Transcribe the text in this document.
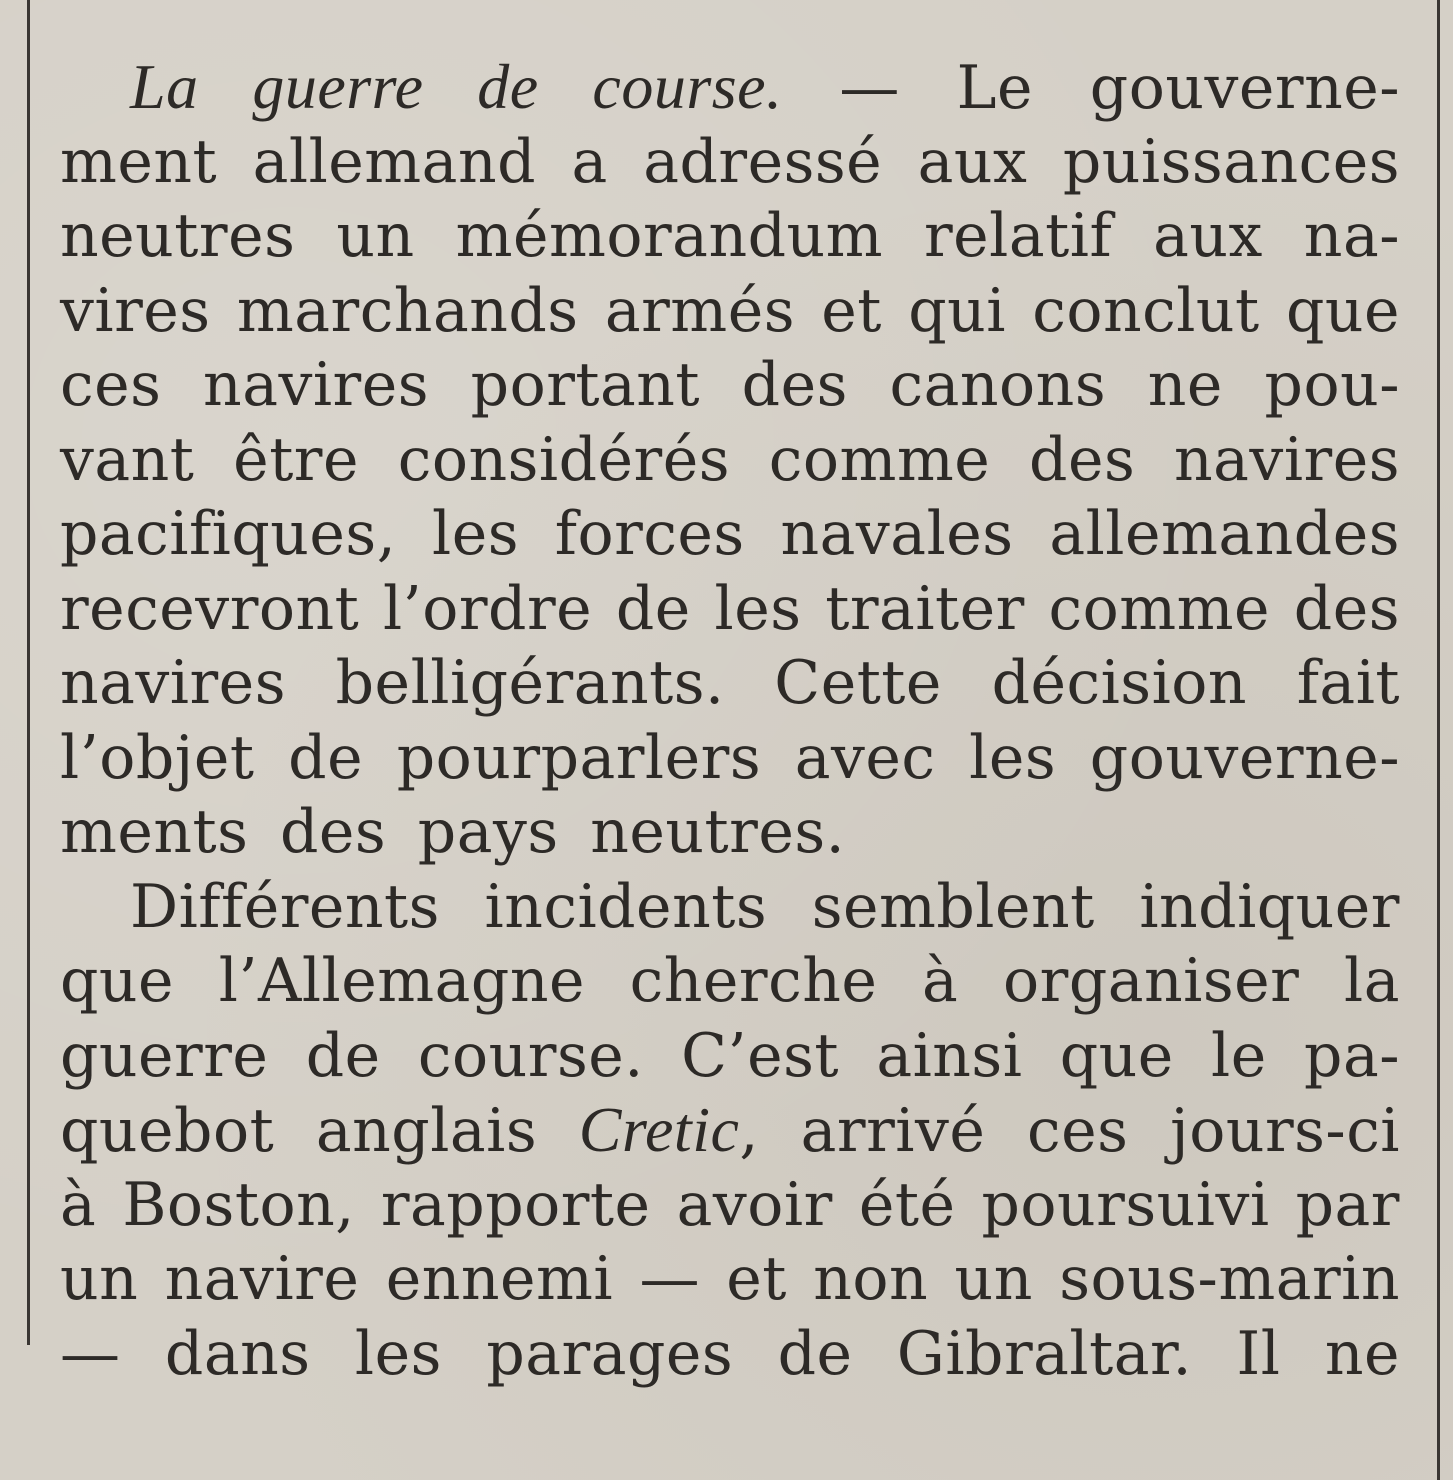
La guerre de course. — Le gouverne-
ment allemand a adressé aux puissances
neutres un mémorandum relatif aux na-
vires marchands armés et qui conclut que
ces navires portant des canons ne pou-
vant être considérés comme des navires
pacifiques, les forces navales allemandes
recevront l’ordre de les traiter comme des
navires belligérants. Cette décision fait
l’objet de pourparlers avec les gouverne-
ments des pays neutres.
Différents incidents semblent indiquer
que l’Allemagne cherche à organiser la
guerre de course. C’est ainsi que le pa-
quebot anglais Cretic, arrivé ces jours-ci
à Boston, rapporte avoir été poursuivi par
un navire ennemi — et non un sous-marin
— dans les parages de Gibraltar. Il ne
